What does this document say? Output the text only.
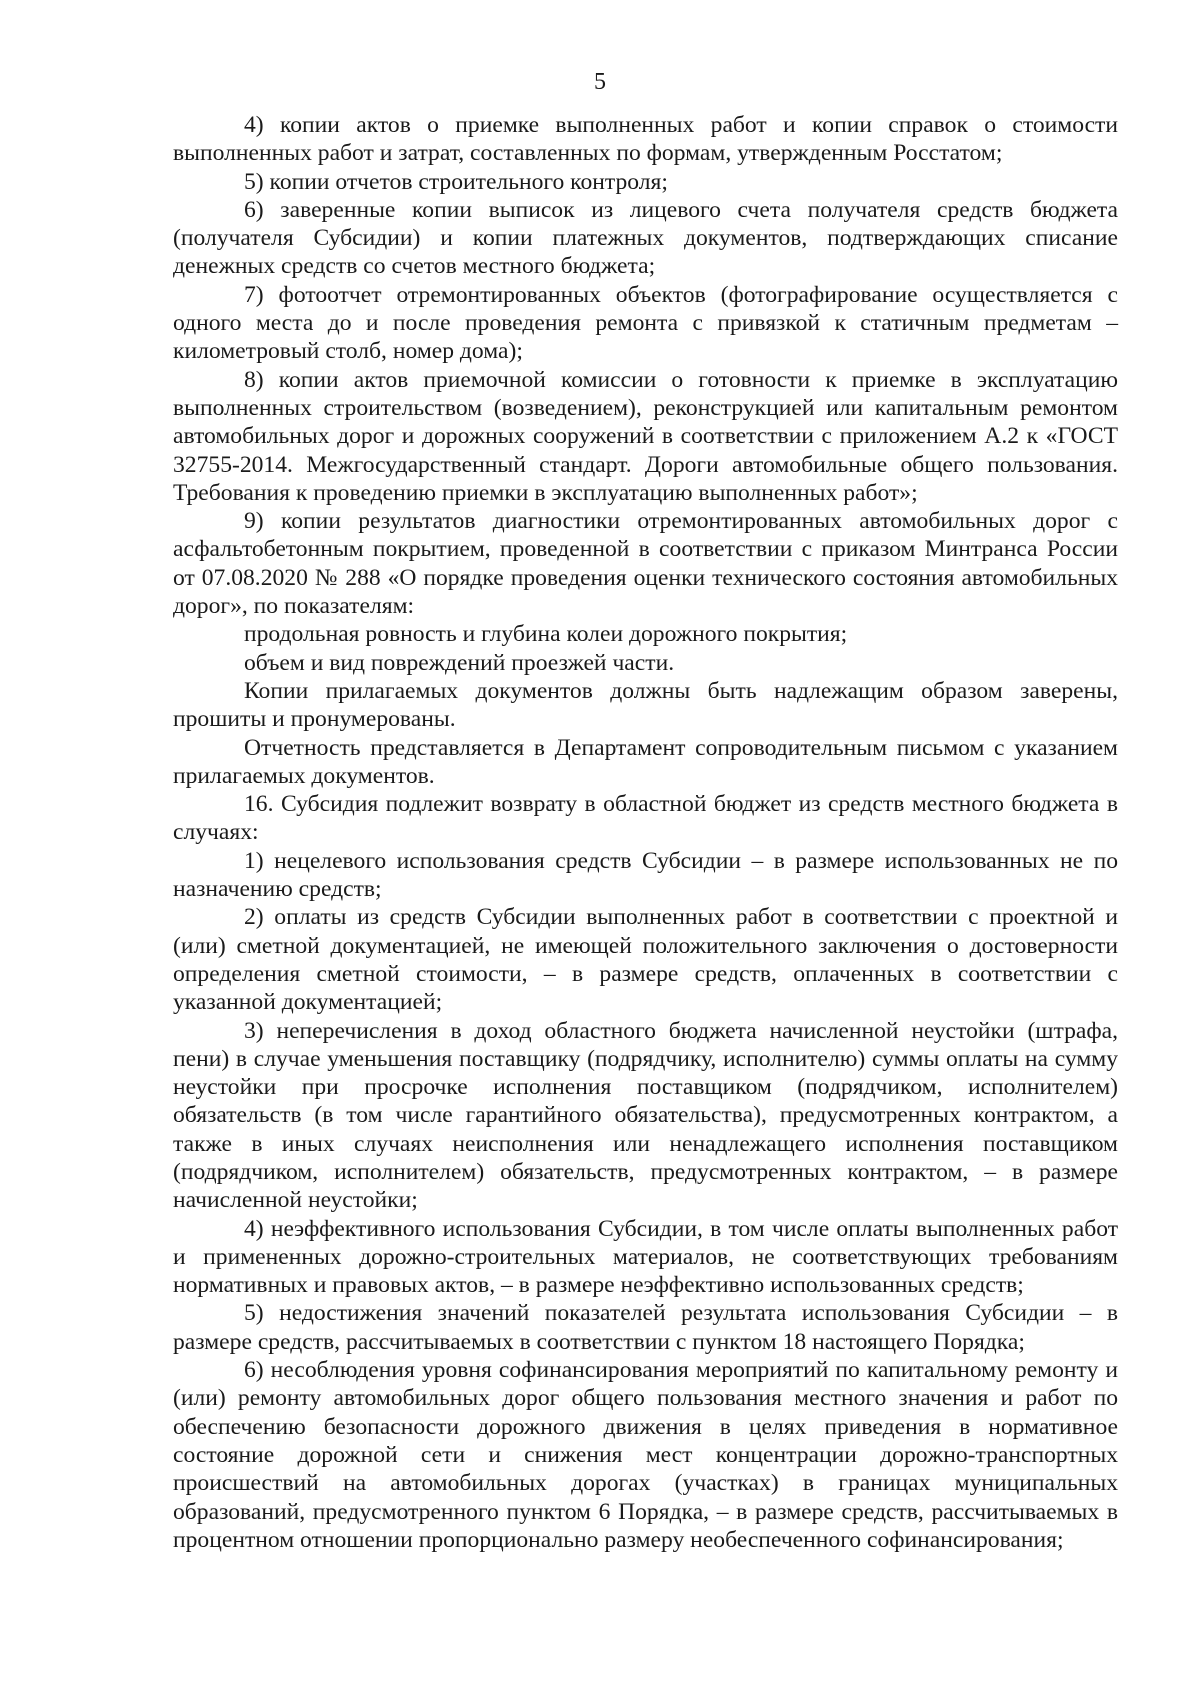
5

4) копии актов о приемке выполненных работ и копии справок о стоимости выполненных работ и затрат, составленных по формам, утвержденным Росстатом;

5) копии отчетов строительного контроля;

6) заверенные копии выписок из лицевого счета получателя средств бюджета (получателя Субсидии) и копии платежных документов, подтверждающих списание денежных средств со счетов местного бюджета;

7) фотоотчет отремонтированных объектов (фотографирование осуществляется с одного места до и после проведения ремонта с привязкой к статичным предметам – километровый столб, номер дома);

8) копии актов приемочной комиссии о готовности к приемке в эксплуатацию выполненных строительством (возведением), реконструкцией или капитальным ремонтом автомобильных дорог и дорожных сооружений в соответствии с приложением А.2 к «ГОСТ 32755-2014. Межгосударственный стандарт. Дороги автомобильные общего пользования. Требования к проведению приемки в эксплуатацию выполненных работ»;

9) копии результатов диагностики отремонтированных автомобильных дорог с асфальтобетонным покрытием, проведенной в соответствии с приказом Минтранса России от 07.08.2020 № 288 «О порядке проведения оценки технического состояния автомобильных дорог», по показателям:

продольная ровность и глубина колеи дорожного покрытия;

объем и вид повреждений проезжей части.

Копии прилагаемых документов должны быть надлежащим образом заверены, прошиты и пронумерованы.

Отчетность представляется в Департамент сопроводительным письмом с указанием прилагаемых документов.

16. Субсидия подлежит возврату в областной бюджет из средств местного бюджета в случаях:

1) нецелевого использования средств Субсидии – в размере использованных не по назначению средств;

2) оплаты из средств Субсидии выполненных работ в соответствии с проектной и (или) сметной документацией, не имеющей положительного заключения о достоверности определения сметной стоимости, – в размере средств, оплаченных в соответствии с указанной документацией;

3) неперечисления в доход областного бюджета начисленной неустойки (штрафа, пени) в случае уменьшения поставщику (подрядчику, исполнителю) суммы оплаты на сумму неустойки при просрочке исполнения поставщиком (подрядчиком, исполнителем) обязательств (в том числе гарантийного обязательства), предусмотренных контрактом, а также в иных случаях неисполнения или ненадлежащего исполнения поставщиком (подрядчиком, исполнителем) обязательств, предусмотренных контрактом, – в размере начисленной неустойки;

4) неэффективного использования Субсидии, в том числе оплаты выполненных работ и примененных дорожно-строительных материалов, не соответствующих требованиям нормативных и правовых актов, – в размере неэффективно использованных средств;

5) недостижения значений показателей результата использования Субсидии – в размере средств, рассчитываемых в соответствии с пунктом 18 настоящего Порядка;

6) несоблюдения уровня софинансирования мероприятий по капитальному ремонту и (или) ремонту автомобильных дорог общего пользования местного значения и работ по обеспечению безопасности дорожного движения в целях приведения в нормативное состояние дорожной сети и снижения мест концентрации дорожно-транспортных происшествий на автомобильных дорогах (участках) в границах муниципальных образований, предусмотренного пунктом 6 Порядка, – в размере средств, рассчитываемых в процентном отношении пропорционально размеру необеспеченного софинансирования;
